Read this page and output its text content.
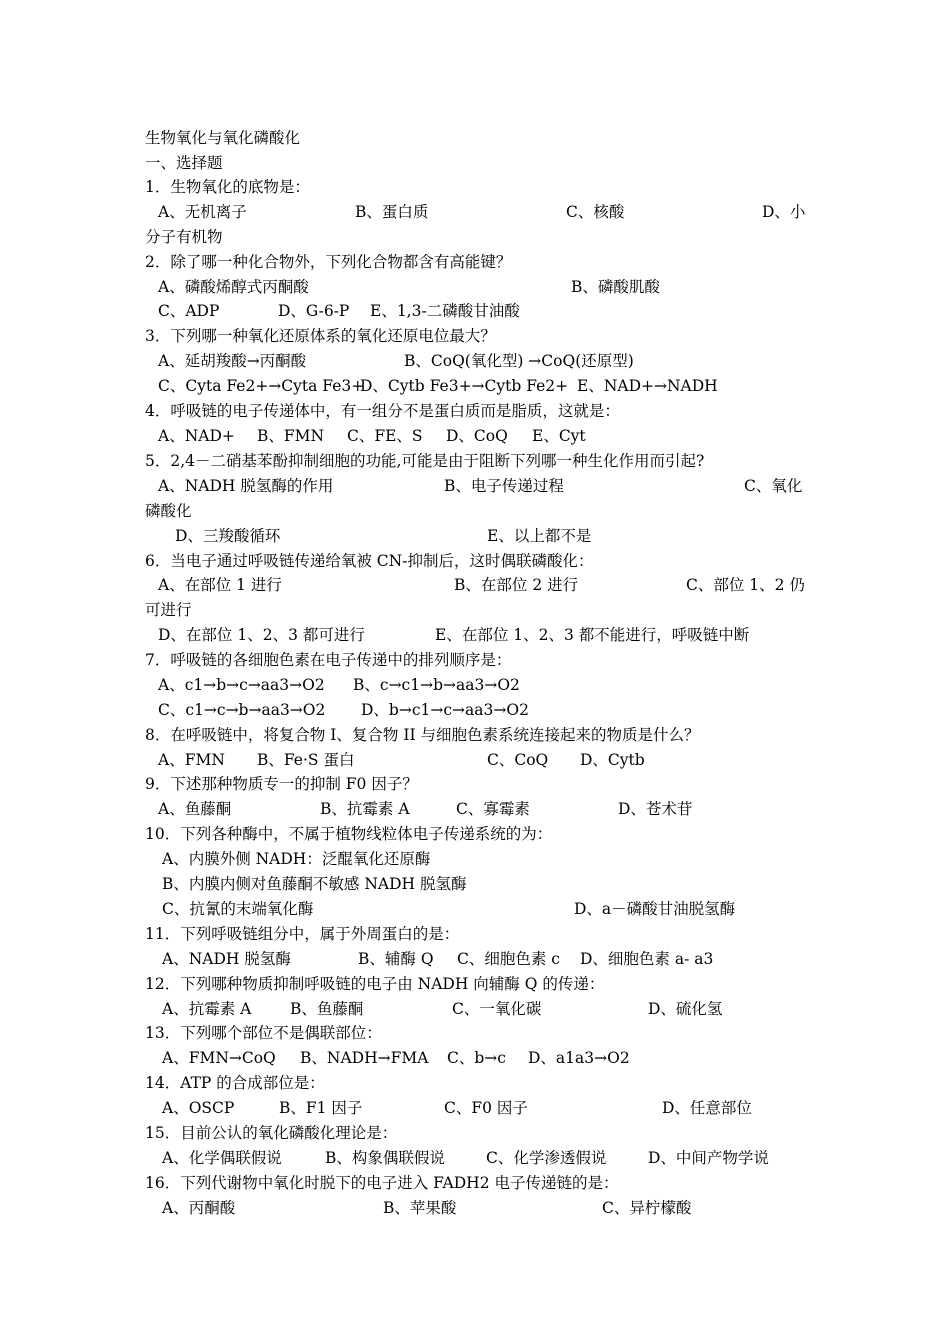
生物氧化与氧化磷酸化
一、选择题
1．生物氧化的底物是：
A、无机离子	B、蛋白质	C、核酸	D、小
分子有机物
2．除了哪一种化合物外，下列化合物都含有高能键？
A、磷酸烯醇式丙酮酸	B、磷酸肌酸
C、ADP	D、G-6-P E、1,3-二磷酸甘油酸
3．下列哪一种氧化还原体系的氧化还原电位最大？
A、延胡羧酸→丙酮酸	B、CoQ(氧化型) →CoQ(还原型)
C、Cyta Fe2+→Cyta Fe3+
D、Cytb Fe3+→Cytb Fe2+ E、NAD+→NADH
4．呼吸链的电子传递体中，有一组分不是蛋白质而是脂质，这就是：
A、NAD+ B、FMN C、FE、S D、CoQ E、Cyt
5．2,4－二硝基苯酚抑制细胞的功能,可能是由于阻断下列哪一种生化作用而引起?
A、NADH 脱氢酶的作用	B、电子传递过程	C、氧化
磷酸化
D、三羧酸循环	E、以上都不是
6．当电子通过呼吸链传递给氧被 CN-抑制后，这时偶联磷酸化：
A、在部位 1 进行	B、在部位 2 进行	C、部位 1、2 仍
可进行
D、在部位 1、2、3 都可进行	E、在部位 1、2、3 都不能进行，呼吸链中断
7．呼吸链的各细胞色素在电子传递中的排列顺序是：
A、c1→b→c→aa3→O2 B、c→c1→b→aa3→O2
C、c1→c→b→aa3→O2 D、b→c1→c→aa3→O2
8．在呼吸链中，将复合物 I、复合物 II 与细胞色素系统连接起来的物质是什么？
A、FMN B、Fe·S 蛋白	C、CoQ D、Cytb
9．下述那种物质专一的抑制 F0 因子？
A、鱼藤酮	B、抗霉素 A	C、寡霉素	D、苍术苷
10．下列各种酶中，不属于植物线粒体电子传递系统的为：
A、内膜外侧 NADH：泛醌氧化还原酶
B、内膜内侧对鱼藤酮不敏感 NADH 脱氢酶
C、抗氰的末端氧化酶	D、a－磷酸甘油脱氢酶
11．下列呼吸链组分中，属于外周蛋白的是：
A、NADH 脱氢酶	B、辅酶 Q C、细胞色素 c D、细胞色素 a- a3
12．下列哪种物质抑制呼吸链的电子由 NADH 向辅酶 Q 的传递：
A、抗霉素 A B、鱼藤酮	C、一氧化碳	D、硫化氢
13．下列哪个部位不是偶联部位：
A、FMN→CoQ B、NADH→FMA C、b→c D、a1a3→O2
14．ATP 的合成部位是：
A、OSCP	B、F1 因子	C、F0 因子	D、任意部位
15．目前公认的氧化磷酸化理论是：
A、化学偶联假说	B、构象偶联假说	C、化学渗透假说	D、中间产物学说
16．下列代谢物中氧化时脱下的电子进入 FADH2 电子传递链的是：
A、丙酮酸	B、苹果酸	C、异柠檬酸
